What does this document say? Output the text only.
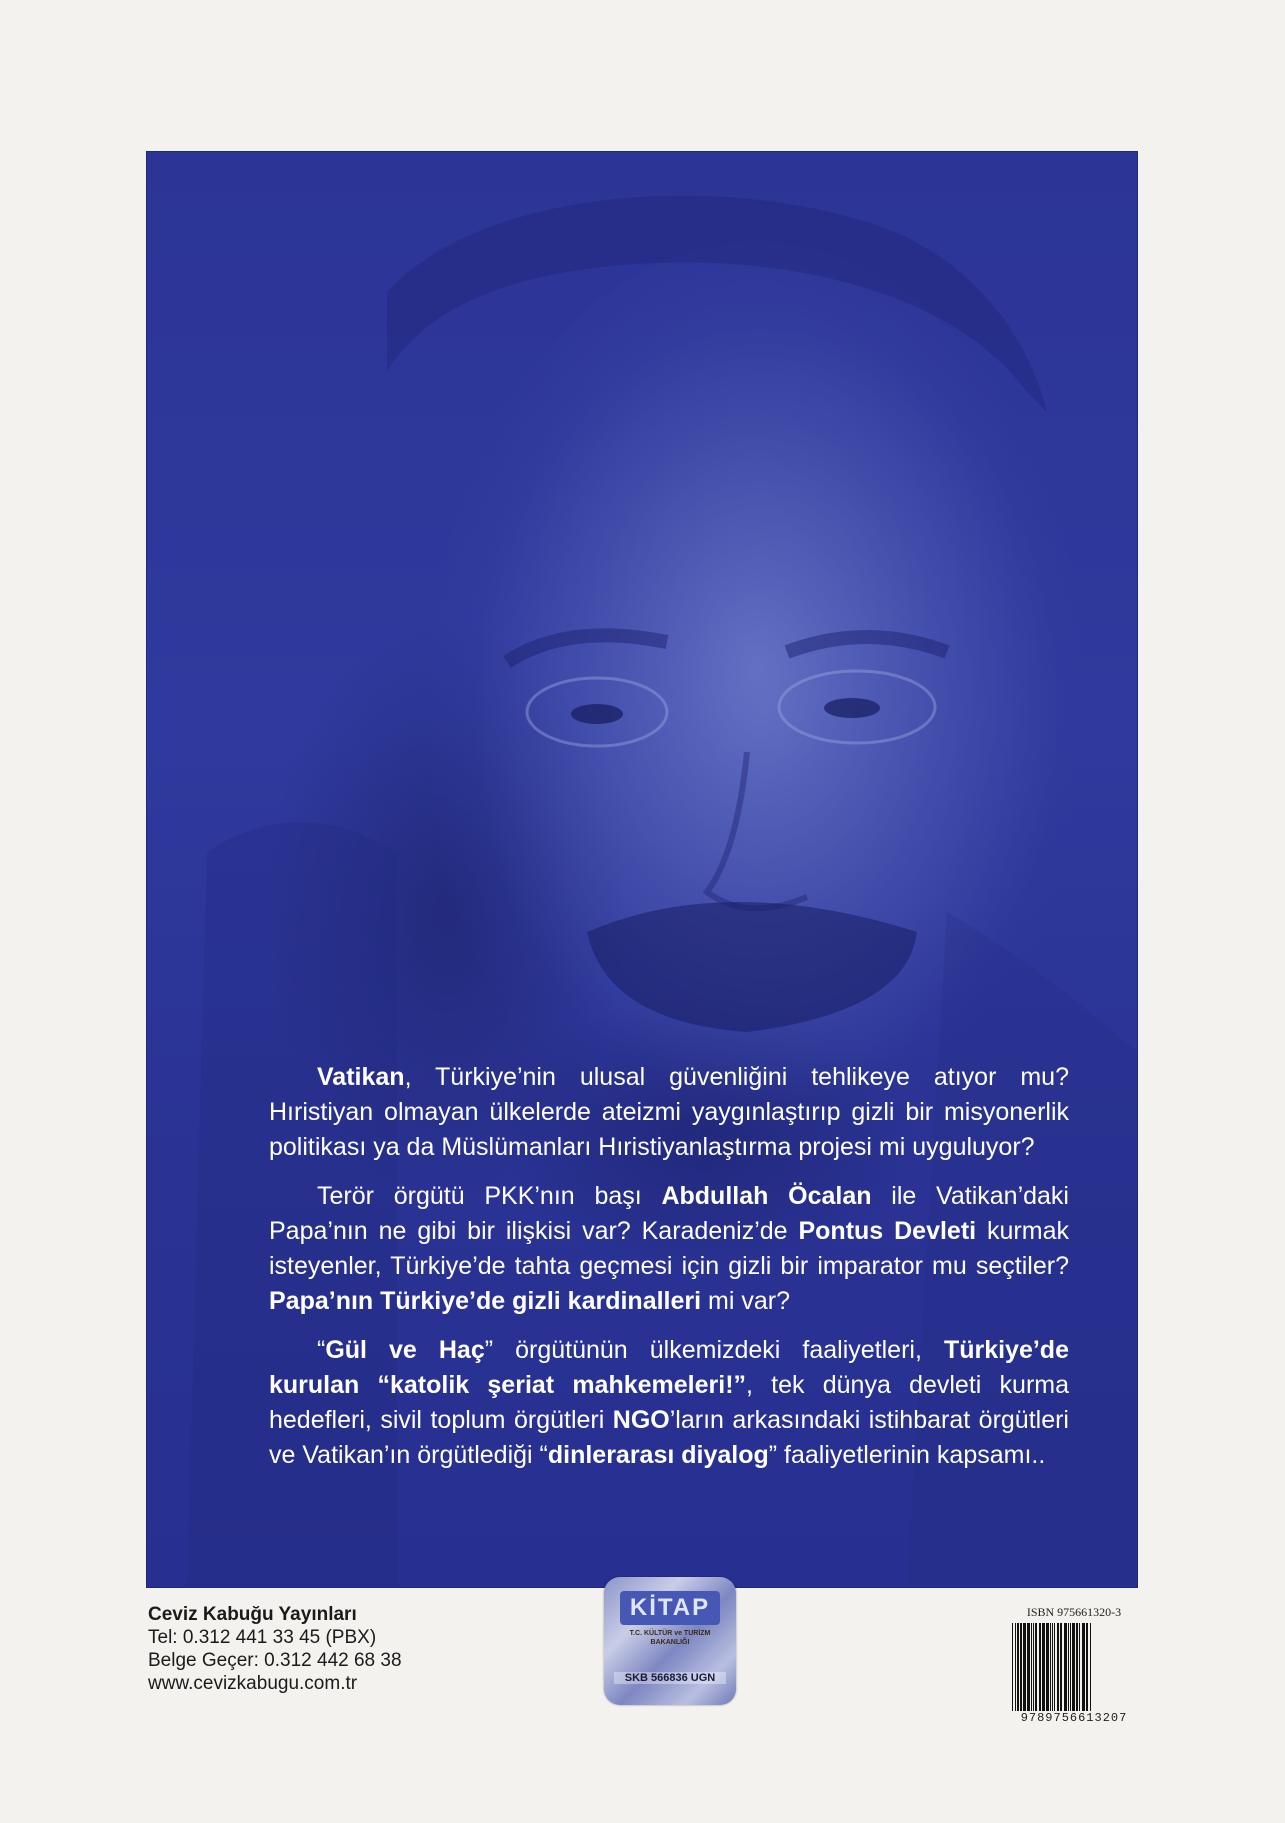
Vatikan, Türkiye’nin ulusal güvenliğini tehlikeye atıyor mu? Hıristiyan olmayan ülkelerde ateizmi yaygınlaştırıp gizli bir misyonerlik politikası ya da Müslümanları Hıristiyanlaştırma projesi mi uyguluyor?

Terör örgütü PKK’nın başı Abdullah Öcalan ile Vatikan’daki Papa’nın ne gibi bir ilişkisi var? Karadeniz’de Pontus Devleti kurmak isteyenler, Türkiye’de tahta geçmesi için gizli bir imparator mu seçtiler? Papa’nın Türkiye’de gizli kardinalleri mi var?

“Gül ve Haç” örgütünün ülkemizdeki faaliyetleri, Türkiye’de kurulan “katolik şeriat mahkemeleri!”, tek dünya devleti kurma hedefleri, sivil toplum örgütleri NGO’ların arkasındaki istihbarat örgütleri ve Vatikan’ın örgütlediği “dinlerarası diyalog” faaliyetlerinin kapsamı..

Ceviz Kabuğu Yayınları
Tel: 0.312 441 33 45 (PBX)
Belge Geçer: 0.312 442 68 38
www.cevizkabugu.com.tr
KİTAP
T.C. KÜLTÜR ve TURİZM BAKANLIĞI
SKB 566836 UGN
ISBN 975661320-3
9789756613207
